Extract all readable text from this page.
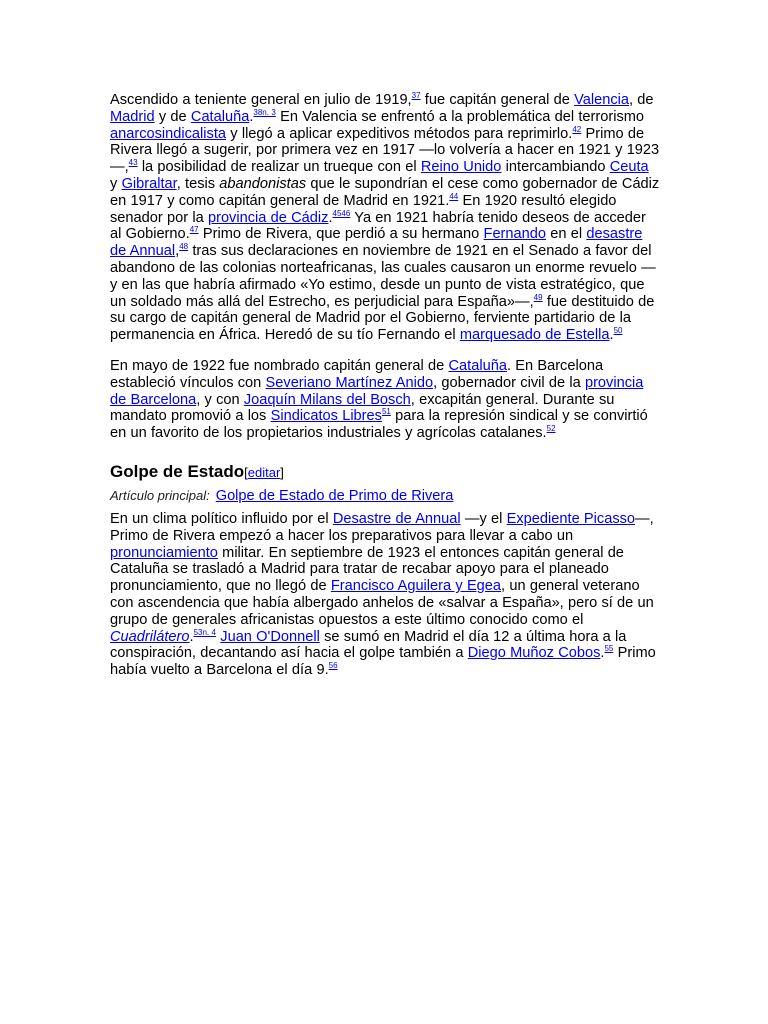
Ascendido a teniente general en julio de 1919,37 fue capitán general de Valencia, de Madrid y de Cataluña.$^{38n. 3}$ En Valencia se enfrentó a la problemática del terrorismo anarcosindicalista y llegó a aplicar expeditivos métodos para reprimirlo.$^{42}$ Primo de Rivera llegó a sugerir, por primera vez en 1917 —lo volvería a hacer en 1921 y 1923—,$^{43}$ la posibilidad de realizar un trueque con el Reino Unido intercambiando Ceuta y Gibraltar, tesis abandonistas que le supondrían el cese como gobernador de Cádiz en 1917 y como capitán general de Madrid en 1921.44 En 1920 resultó elegido senador por la provincia de Cádiz.$^{4546}$ Ya en 1921 habría tenido deseos de acceder al Gobierno.$^{47}$ Primo de Rivera, que perdió a su hermano Fernando en el desastre de Annual,$^{48}$ tras sus declaraciones en noviembre de 1921 en el Senado a favor del abandono de las colonias norteafricanas, las cuales causaron un enorme revuelo —y en las que habría afirmado «Yo estimo, desde un punto de vista estratégico, que un soldado más allá del Estrecho, es perjudicial para España»—,$^{49}$ fue destituido de su cargo de capitán general de Madrid por el Gobierno, ferviente partidario de la permanencia en África. Heredó de su tío Fernando el marquesado de Estella.$^{50}$

En mayo de 1922 fue nombrado capitán general de Cataluña. En Barcelona estableció vínculos con Severiano Martínez Anido, gobernador civil de la provincia de Barcelona, y con Joaquín Milans del Bosch, excapitán general. Durante su mandato promovió a los Sindicatos Libres$^{51}$ para la represión sindical y se convirtió en un favorito de los propietarios industriales y agrícolas catalanes.$^{52}$

Golpe de Estado[editar]
Artículo principal: Golpe de Estado de Primo de Rivera

En un clima político influido por el Desastre de Annual —y el Expediente Picasso—, Primo de Rivera empezó a hacer los preparativos para llevar a cabo un pronunciamiento militar. En septiembre de 1923 el entonces capitán general de Cataluña se trasladó a Madrid para tratar de recabar apoyo para el planeado pronunciamiento, que no llegó de Francisco Aguilera y Egea, un general veterano con ascendencia que había albergado anhelos de «salvar a España», pero sí de un grupo de generales africanistas opuestos a este último conocido como el Cuadrilátero.$^{53n. 4}$ Juan O'Donnell se sumó en Madrid el día 12 a última hora a la conspiración, decantando así hacia el golpe también a Diego Muñoz Cobos.$^{55}$ Primo había vuelto a Barcelona el día 9.56
